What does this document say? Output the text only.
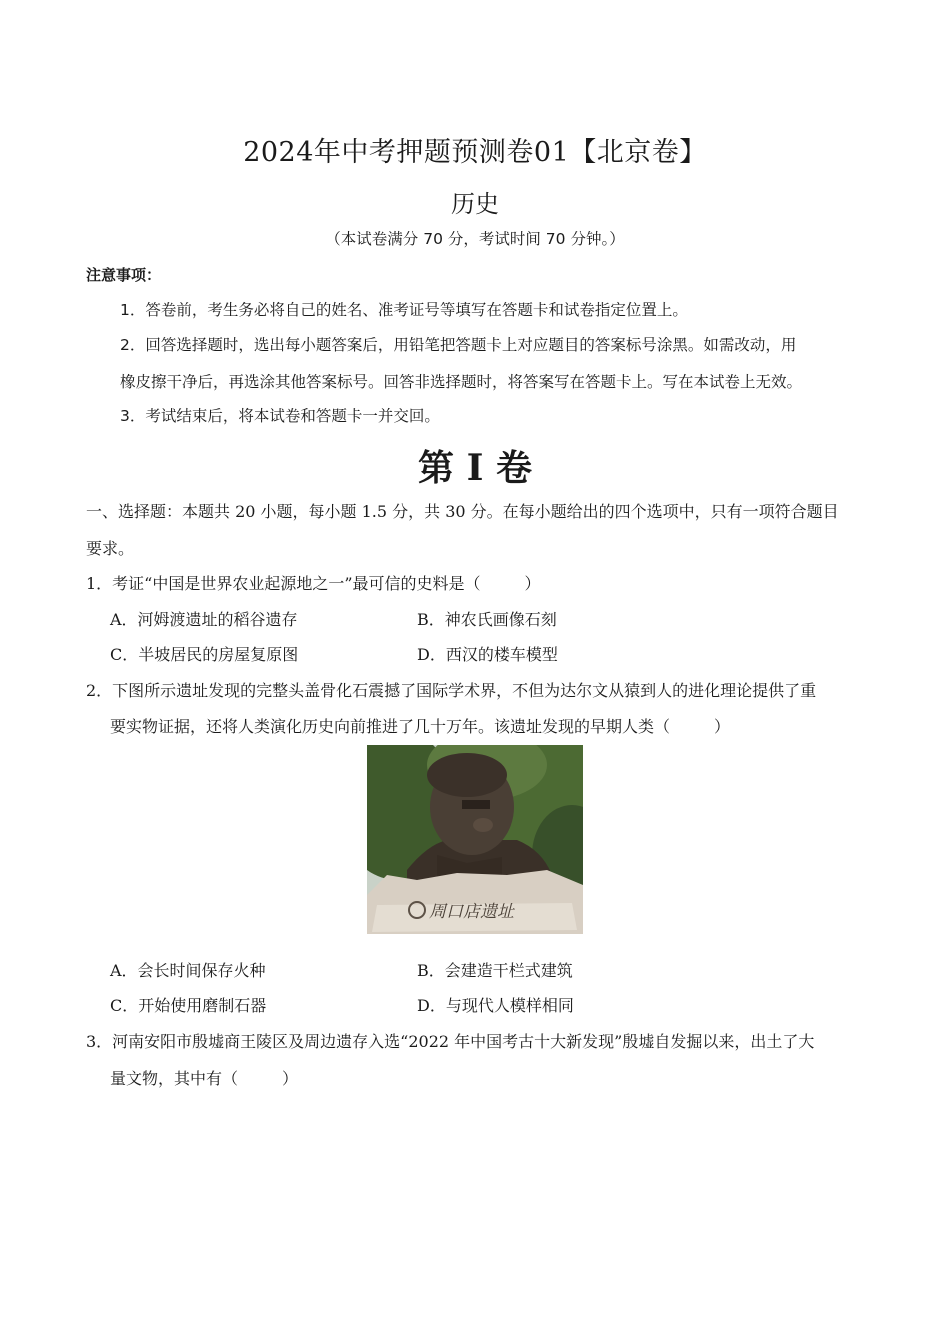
2024年中考押题预测卷01【北京卷】
历史
（本试卷满分 70 分，考试时间 70 分钟。）
注意事项：
1．答卷前，考生务必将自己的姓名、准考证号等填写在答题卡和试卷指定位置上。
2．回答选择题时，选出每小题答案后，用铅笔把答题卡上对应题目的答案标号涂黑。如需改动，用
橡皮擦干净后，再选涂其他答案标号。回答非选择题时，将答案写在答题卡上。写在本试卷上无效。
3．考试结束后，将本试卷和答题卡一并交回。
第 I 卷
一、选择题：本题共 20 小题，每小题 1.5 分，共 30 分。在每小题给出的四个选项中，只有一项符合题目
要求。
1．考证“中国是世界农业起源地之一”最可信的史料是（	）
A．河姆渡遗址的稻谷遗存	B．神农氏画像石刻
C．半坡居民的房屋复原图	D．西汉的楼车模型
2．下图所示遗址发现的完整头盖骨化石震撼了国际学术界，不但为达尔文从猿到人的进化理论提供了重
要实物证据，还将人类演化历史向前推进了几十万年。该遗址发现的早期人类（	）
周口店遗址
A．会长时间保存火种	B．会建造干栏式建筑
C．开始使用磨制石器	D．与现代人模样相同
3．河南安阳市殷墟商王陵区及周边遗存入选“2022 年中国考古十大新发现”殷墟自发掘以来，出土了大
量文物，其中有（	）
